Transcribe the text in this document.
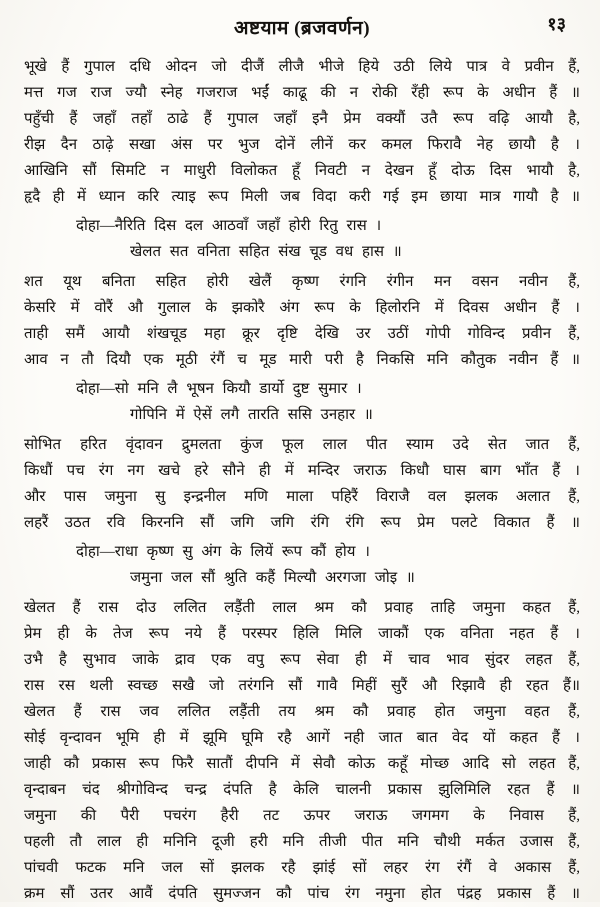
अष्टयाम (ब्रजवर्णन)	१३
भूखे हैं गुपाल दधि ओदन जो दीजैं लीजै भीजे हिये उठी लिये पात्र वे प्रवीन हैं,
मत्त गज राज ज्यौ स्नेह गजराज भईं काढू की न रोकी रँही रूप के अधीन हैं ॥
पहुँची हैं जहाँ तहाँ ठाढे हैं गुपाल जहाँ इनै प्रेम वक्यौं उतै रूप वढ़ि आयौ है,
रीझ दैन ठाढ़े सखा अंस पर भुज दोनें लीनें कर कमल फिरावै नेह छायौ है ।
आखिनि सौं सिमटि न माधुरी विलोकत हूँ निवटी न देखन हूँ दोऊ दिस भायौ है,
हृदै ही में ध्यान करि त्याइ रूप मिली जब विदा करी गई इम छाया मात्र गायौ है ॥
दोहा—नैरिति दिस दल आठवाँ जहाँ होरी रितु रास ।
खेलत सत वनिता सहित संख चूड वध हास ॥
शत यूथ बनिता सहित होरी खेलैं कृष्ण रंगनि रंगीन मन वसन नवीन हैं,
केसरि में वोरैं औ गुलाल के झकोरै अंग रूप के हिलोरनि में दिवस अधीन हैं ।
ताही समैं आयौ शंखचूड महा क्रूर दृष्टि देखि उर उठीं गोपी गोविन्द प्रवीन हैं,
आव न तौ दियौ एक मूठी रंगैं च मूड मारी परी है निकसि मनि कौतुक नवीन हैं ॥
दोहा—सो मनि लै भूषन कियौ डार्यो दुष्ट सुमार ।
गोपिनि में ऐसें लगै तारति ससि उनहार ॥
सोभित हरित वृंदावन द्रुमलता कुंज फूल लाल पीत स्याम उदे सेत जात हैं,
किधौं पच रंग नग खचे हरे सौने ही में मन्दिर जराऊ किधौ घास बाग भाँत हैं ।
और पास जमुना सु इन्द्रनील मणि माला पहिरैं विराजै वल झलक अलात हैं,
लहरैं उठत रवि किरननि सौं जगि जगि रंगि रंगि रूप प्रेम पलटे विकात हैं ॥
दोहा—राधा कृष्ण सु अंग के लियें रूप कौं होय ।
जमुना जल सौं श्रुति कहैं मिल्यौ अरगजा जोइ ॥
खेलत हैं रास दोउ ललित लड़ैंती लाल श्रम कौ प्रवाह ताहि जमुना कहत हैं,
प्रेम ही के तेज रूप नये हैं परस्पर हिलि मिलि जाकौं एक वनिता नहत हैं ।
उभै है सुभाव जाके द्राव एक वपु रूप सेवा ही में चाव भाव सुंदर लहत हैं,
रास रस थली स्वच्छ सखै जो तरंगनि सौं गावै मिहीं सुरैं औ रिझावै ही रहत हैं॥
खेलत हैं रास जव ललित लड़ैंती तय श्रम कौ प्रवाह होत जमुना वहत हैं,
सोई वृन्दावन भूमि ही में झूमि घूमि रहै आगें नही जात बात वेद यों कहत हैं ।
जाही कौ प्रकास रूप फिरै सातौं दीपनि में सेवौ कोऊ कहूँ मोच्छ आदि सो लहत हैं,
वृन्दाबन चंद श्रीगोविन्द चन्द्र दंपति है केलि चालनी प्रकास झुलिमिलि रहत हैं ॥
जमुना की पैरी पचरंग हैरी तट ऊपर जराऊ जगमग के निवास हैं,
पहली तौ लाल ही मनिनि दूजी हरी मनि तीजी पीत मनि चौथी मर्कत उजास हैं,
पांचवी फटक मनि जल सों झलक रहै झांई सों लहर रंग रंगैं वे अकास हैं,
क्रम सौं उतर आवैं दंपति सुमज्जन कौ पांच रंग नमुना होत पंद्रह प्रकास हैं ॥
